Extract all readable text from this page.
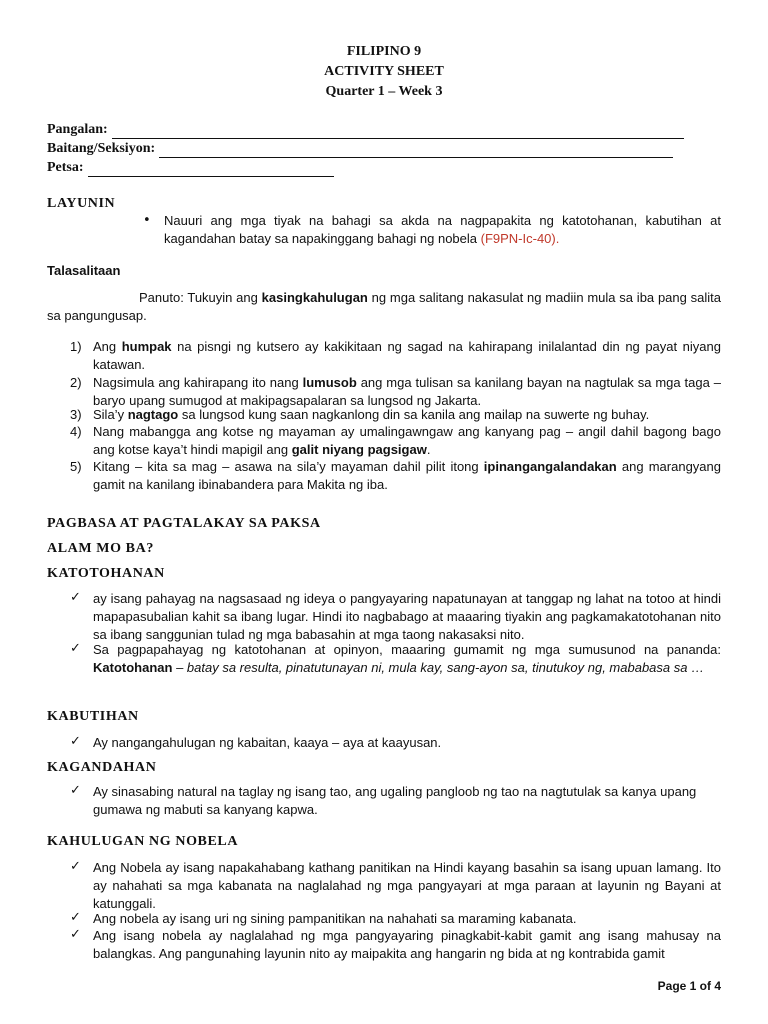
FILIPINO 9
ACTIVITY SHEET
Quarter 1 – Week 3
Pangalan:
Baitang/Seksiyon:
Petsa:
LAYUNIN
• Nauuri ang mga tiyak na bahagi sa akda na nagpapakita ng katotohanan, kabutihan at kagandahan batay sa napakinggang bahagi ng nobela (F9PN-Ic-40).
Talasalitaan
Panuto: Tukuyin ang kasingkahulugan ng mga salitang nakasulat ng madiin mula sa iba pang salita sa pangungusap.
1) Ang humpak na pisngi ng kutsero ay kakikitaan ng sagad na kahirapang inilalantad din ng payat niyang katawan.
2) Nagsimula ang kahirapang ito nang lumusob ang mga tulisan sa kanilang bayan na nagtulak sa mga taga – baryo upang sumugod at makipagsapalaran sa lungsod ng Jakarta.
3) Sila’y nagtago sa lungsod kung saan nagkanlong din sa kanila ang mailap na suwerte ng buhay.
4) Nang mabangga ang kotse ng mayaman ay umalingawngaw ang kanyang pag – angil dahil bagong bago ang kotse kaya’t hindi mapigil ang galit niyang pagsigaw.
5) Kitang – kita sa mag – asawa na sila’y mayaman dahil pilit itong ipinangangalandakan ang marangyang gamit na kanilang ibinabandera para Makita ng iba.
PAGBASA AT PAGTALAKAY SA PAKSA
ALAM MO BA?
KATOTOHANAN
✓ ay isang pahayag na nagsasaad ng ideya o pangyayaring napatunayan at tanggap ng lahat na totoo at hindi mapapasubalian kahit sa ibang lugar. Hindi ito nagbabago at maaaring tiyakin ang pagkamakatotohanan nito sa ibang sanggunian tulad ng mga babasahin at mga taong nakasaksi nito.
✓ Sa pagpapahayag ng katotohanan at opinyon, maaaring gumamit ng mga sumusunod na pananda: Katotohanan – batay sa resulta, pinatutunayan ni, mula kay, sang-ayon sa, tinutukoy ng, mababasa sa …
KABUTIHAN
✓ Ay nangangahulugan ng kabaitan, kaaya – aya at kaayusan.
KAGANDAHAN
✓ Ay sinasabing natural na taglay ng isang tao, ang ugaling pangloob ng tao na nagtutulak sa kanya upang gumawa ng mabuti sa kanyang kapwa.
KAHULUGAN NG NOBELA
✓ Ang Nobela ay isang napakahabang kathang panitikan na Hindi kayang basahin sa isang upuan lamang. Ito ay nahahati sa mga kabanata na naglalahad ng mga pangyayari at mga paraan at layunin ng Bayani at katunggali.
✓ Ang nobela ay isang uri ng sining pampanitikan na nahahati sa maraming kabanata.
✓ Ang isang nobela ay naglalahad ng mga pangyayaring pinagkabit-kabit gamit ang isang mahusay na balangkas. Ang pangunahing layunin nito ay maipakita ang hangarin ng bida at ng kontrabida gamit
Page 1 of 4
